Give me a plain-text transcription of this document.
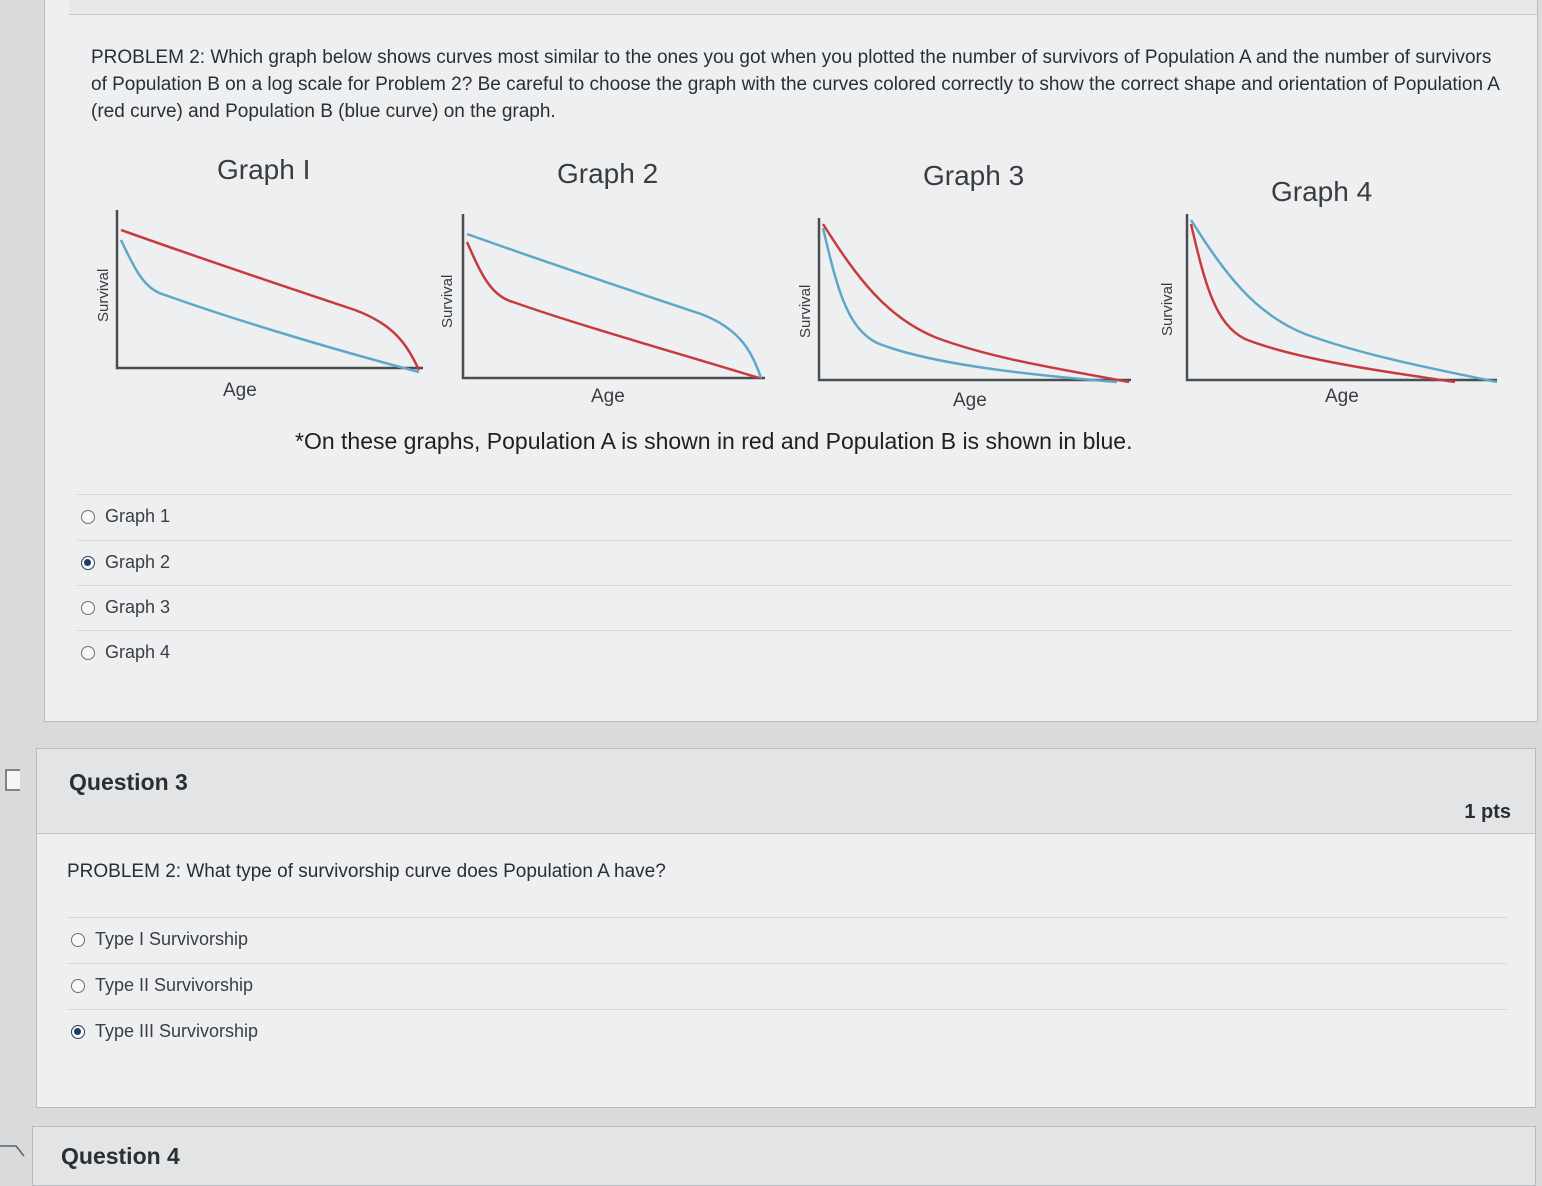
PROBLEM 2: Which graph below shows curves most similar to the ones you got when you plotted the number of survivors of Population A and the number of survivors of Population B on a log scale for Problem 2? Be careful to choose the graph with the curves colored correctly to show the correct shape and orientation of Population A (red curve) and Population B (blue curve) on the graph.
Graph I
Survival
Age
Graph 2
Survival
Age
Graph 3
Survival
Age
Graph 4
Survival
Age
*On these graphs, Population A is shown in red and Population B is shown in blue.
Graph 1
Graph 2
Graph 3
Graph 4
Question 3
1 pts
PROBLEM 2: What type of survivorship curve does Population A have?
Type I Survivorship
Type II Survivorship
Type III Survivorship
Question 4
